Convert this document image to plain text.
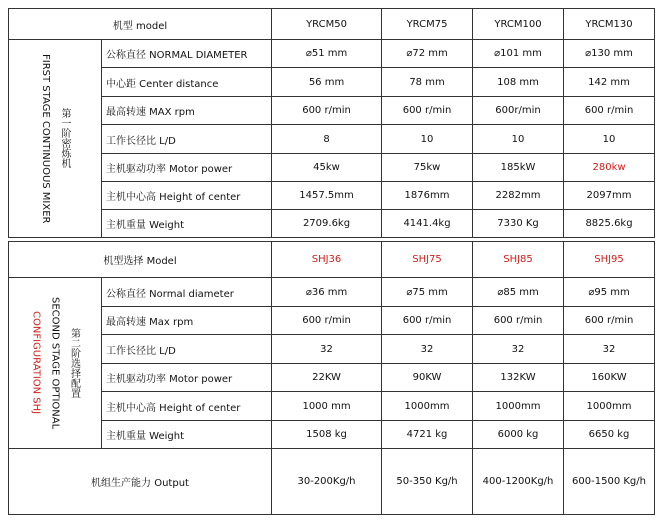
机型 model		YRCM50	YRCM75	YRCM100	YRCM130

第一阶密炼机
FIRST STAGE CONTINUOUS MIXER	公称直径 NORMAL DIAMETER	⌀51 mm	⌀72 mm	⌀101 mm	⌀130 mm
	中心距 Center distance	56 mm	78 mm	108 mm	142 mm
	最高转速 MAX rpm	600 r/min	600 r/min	600r/min	600 r/min
	工作长径比 L/D	8	10	10	10
	主机驱动功率 Motor power	45kw	75kw	185kW	280kw
	主机中心高 Height of center	1457.5mm	1876mm	2282mm	2097mm
	主机重量 Weight	2709.6kg	4141.4kg	7330 Kg	8825.6kg

机型选择 Model		SHJ36	SHJ75	SHJ85	SHJ95

第二阶选择配置
SECOND STAGE OPTIONAL
CONFIGURATION SHJ	公称直径 Normal diameter	⌀36 mm	⌀75 mm	⌀85 mm	⌀95 mm
	最高转速 Max rpm	600 r/min	600 r/min	600 r/min	600 r/min
	工作长径比 L/D	32	32	32	32
	主机驱动功率 Motor power	22KW	90KW	132KW	160KW
	主机中心高 Height of center	1000 mm	1000mm	1000mm	1000mm
	主机重量 Weight	1508 kg	4721 kg	6000 kg	6650 kg
机组生产能力 Output		30-200Kg/h	50-350 Kg/h	400-1200Kg/h	600-1500 Kg/h
